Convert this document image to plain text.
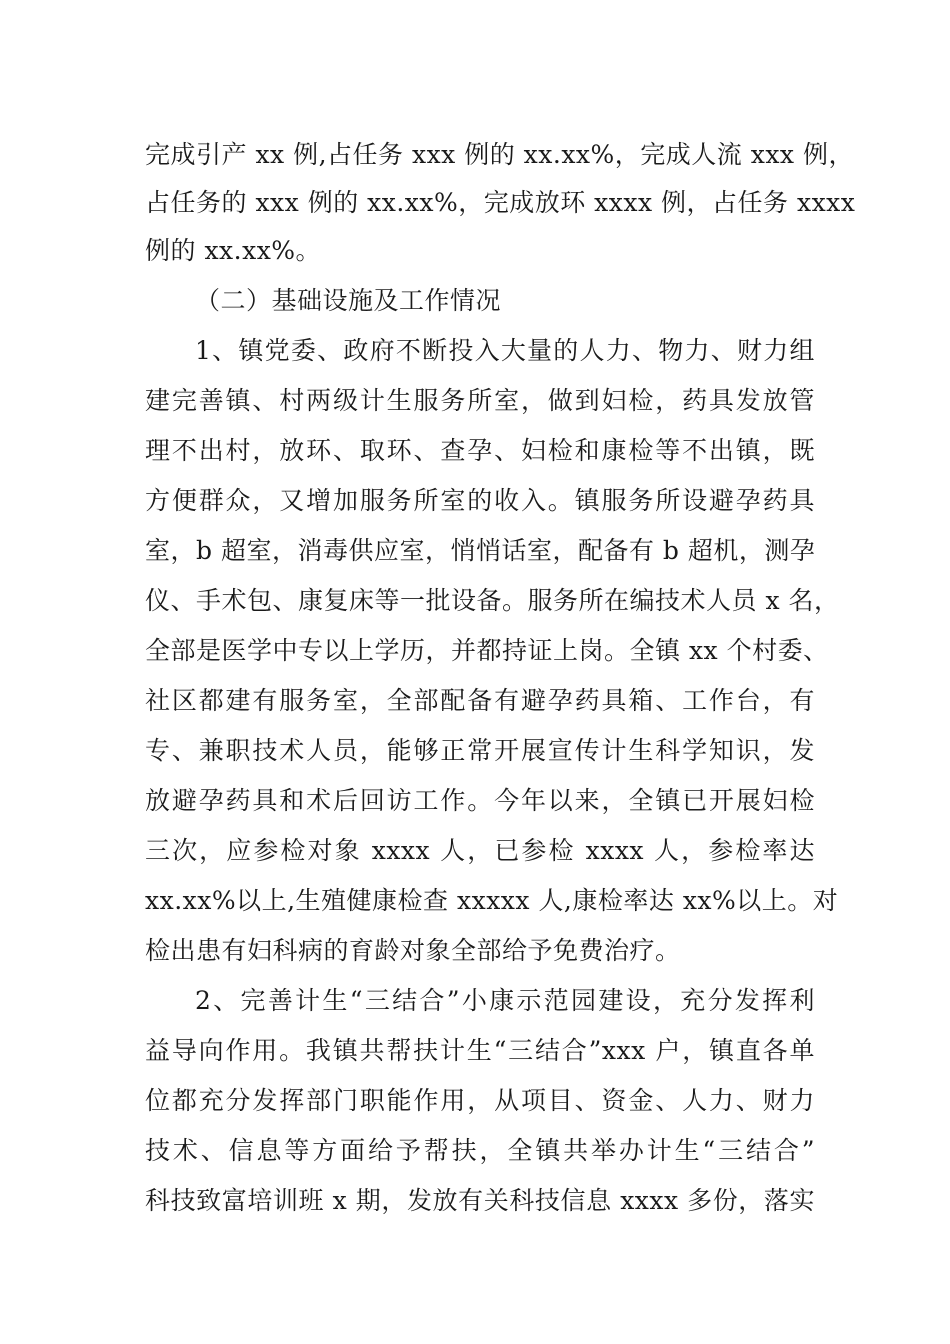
完成引产 xx 例,占任务 xxx 例的 xx.xx%，完成人流 xxx 例，
占任务的 xxx 例的 xx.xx%，完成放环 xxxx 例，占任务 xxxx
例的 xx.xx%。
（二）基础设施及工作情况
1、镇党委、政府不断投入大量的人力、物力、财力组
建完善镇、村两级计生服务所室，做到妇检，药具发放管
理不出村，放环、取环、查孕、妇检和康检等不出镇，既
方便群众，又增加服务所室的收入。镇服务所设避孕药具
室，b 超室，消毒供应室，悄悄话室，配备有 b 超机，测孕
仪、手术包、康复床等一批设备。服务所在编技术人员 x 名，
全部是医学中专以上学历，并都持证上岗。全镇 xx 个村委、
社区都建有服务室，全部配备有避孕药具箱、工作台，有
专、兼职技术人员，能够正常开展宣传计生科学知识，发
放避孕药具和术后回访工作。今年以来，全镇已开展妇检
三次，应参检对象 xxxx 人，已参检 xxxx 人，参检率达
xx.xx%以上,生殖健康检查 xxxxx 人,康检率达 xx%以上。对
检出患有妇科病的育龄对象全部给予免费治疗。
2、完善计生“三结合”小康示范园建设，充分发挥利
益导向作用。我镇共帮扶计生“三结合”xxx 户，镇直各单
位都充分发挥部门职能作用，从项目、资金、人力、财力
技术、信息等方面给予帮扶，全镇共举办计生“三结合”
科技致富培训班 x 期，发放有关科技信息 xxxx 多份，落实
